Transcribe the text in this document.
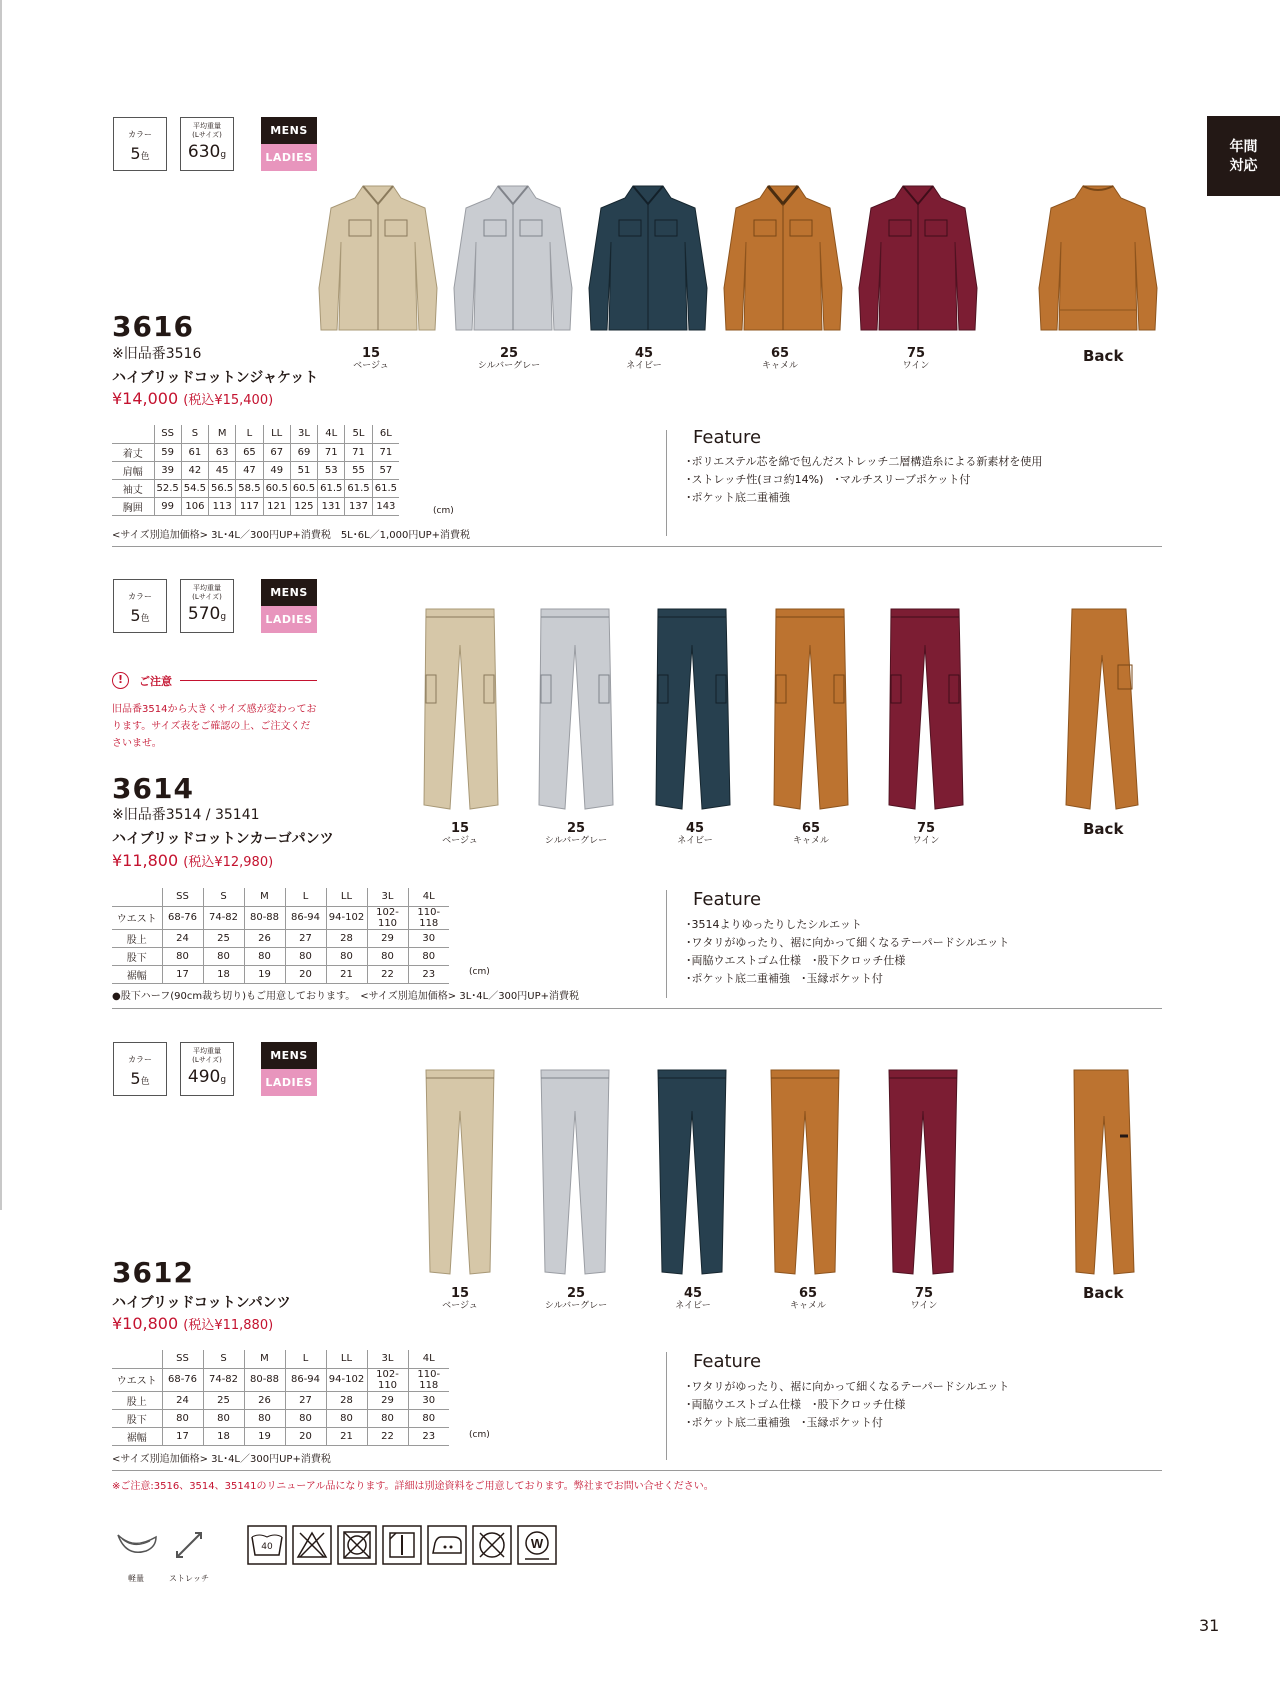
年間
対応
カラー
5色
平均重量
(Lサイズ)
630g
MENS
LADIES
3616
※旧品番3516
ハイブリッドコットンジャケット
¥14,000 (税込¥15,400)
15
ベージュ
25
シルバーグレー
45
ネイビー
65
キャメル
75
ワイン
Back
	SS	S	M	L	LL	3L	4L	5L	6L
着丈	59	61	63	65	67	69	71	71	71
肩幅	39	42	45	47	49	51	53	55	57
袖丈	52.5	54.5	56.5	58.5	60.5	60.5	61.5	61.5	61.5
胸囲	99	106	113	117	121	125	131	137	143	(cm)
<サイズ別追加価格> 3L･4L／300円UP+消費税　5L･6L／1,000円UP+消費税
Feature
･ポリエステル芯を綿で包んだストレッチ二層構造糸による新素材を使用
･ストレッチ性(ヨコ約14%)　･マルチスリーブポケット付
･ポケット底二重補強
カラー
5色
平均重量
(Lサイズ)
570g
MENS
LADIES
!	ご注意
旧品番3514から大きくサイズ感が変わっております。サイズ表をご確認の上、ご注文くださいませ。
3614
※旧品番3514 / 35141
ハイブリッドコットンカーゴパンツ
¥11,800 (税込¥12,980)
15
ベージュ
25
シルバーグレー
45
ネイビー
65
キャメル
75
ワイン
Back
	SS	S	M	L	LL	3L	4L
ウエスト	68-76	74-82	80-88	86-94	94-102	102-110	110-118
股上	24	25	26	27	28	29	30
股下	80	80	80	80	80	80	80
裾幅	17	18	19	20	21	22	23	(cm)
●股下ハーフ(90cm裁ち切り)もご用意しております。　<サイズ別追加価格> 3L･4L／300円UP+消費税
Feature
･3514よりゆったりしたシルエット
･ワタリがゆったり、裾に向かって細くなるテーパードシルエット
･両脇ウエストゴム仕様　･股下クロッチ仕様
･ポケット底二重補強　･玉縁ポケット付
カラー
5色
平均重量
(Lサイズ)
490g
MENS
LADIES
3612
ハイブリッドコットンパンツ
¥10,800 (税込¥11,880)
15
ベージュ
25
シルバーグレー
45
ネイビー
65
キャメル
75
ワイン
Back
	SS	S	M	L	LL	3L	4L
ウエスト	68-76	74-82	80-88	86-94	94-102	102-110	110-118
股上	24	25	26	27	28	29	30
股下	80	80	80	80	80	80	80
裾幅	17	18	19	20	21	22	23	(cm)
<サイズ別追加価格> 3L･4L／300円UP+消費税
Feature
･ワタリがゆったり、裾に向かって細くなるテーパードシルエット
･両脇ウエストゴム仕様　･股下クロッチ仕様
･ポケット底二重補強　･玉縁ポケット付
※ご注意:3516、3514、35141のリニューアル品になります。詳細は別途資料をご用意しております。弊社までお問い合せください。
軽量	ストレッチ
40	W
31
